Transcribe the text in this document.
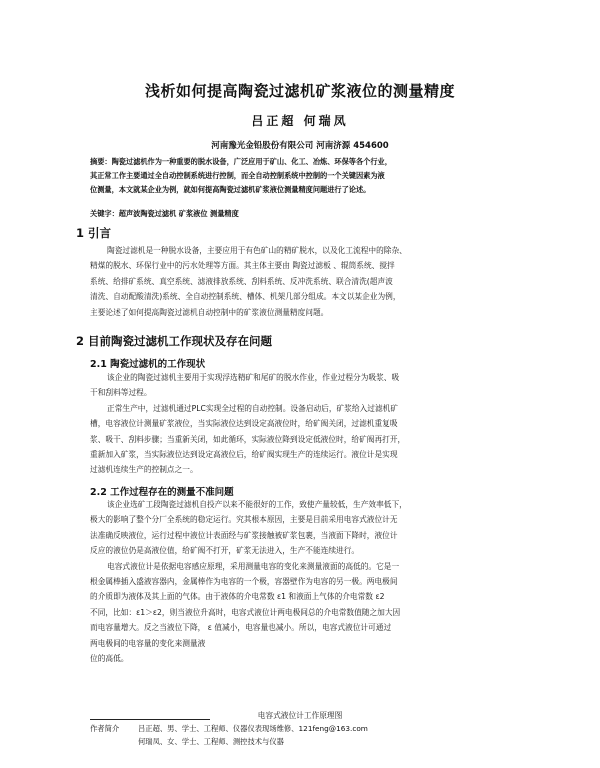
浅析如何提高陶瓷过滤机矿浆液位的测量精度
吕正超 何瑞凤
河南豫光金铅股份有限公司 河南济源 454600
摘要：陶瓷过滤机作为一种重要的脱水设备，广泛应用于矿山、化工、冶炼、环保等各个行业，
其正常工作主要通过全自动控制系统进行控制，而全自动控制系统中控制的一个关键因素为液
位测量，本文就某企业为例，就如何提高陶瓷过滤机矿浆液位测量精度问题进行了论述。
关键字：超声波陶瓷过滤机 矿浆液位 测量精度
1 引言
陶瓷过滤机是一种脱水设备，主要应用于有色矿山的精矿脱水，以及化工流程中的除杂、
精煤的脱水、环保行业中的污水处理等方面。其主体主要由 陶瓷过滤板 、辊筒系统、搅拌
系统、给排矿系统、真空系统、滤液排放系统、刮料系统、反冲洗系统、联合清洗(超声波
清洗、自动配酸清洗)系统、全自动控制系统、槽体、机架几部分组成。本文以某企业为例，
主要论述了如何提高陶瓷过滤机自动控制中的矿浆液位测量精度问题。
2 目前陶瓷过滤机工作现状及存在问题
2.1 陶瓷过滤机的工作现状
该企业的陶瓷过滤机主要用于实现浮选精矿和尾矿的脱水作业，作业过程分为吸浆、吸
干和刮料等过程。
正常生产中，过滤机通过PLC实现全过程的自动控制。设备启动后，矿浆给入过滤机矿
槽，电容液位计测量矿浆液位，当实际液位达到设定高液位时，给矿阀关闭，过滤机重复吸
浆、吸干、刮料步骤；当重新关闭，如此循环，实际液位降到设定低液位时，给矿阀再打开，
重新加入矿浆，当实际液位达到设定高液位后，给矿阀实现生产的连续运行。液位计是实现
过滤机连续生产的控制点之一。
2.2 工作过程存在的测量不准问题
该企业选矿工段陶瓷过滤机自投产以来不能很好的工作，致使产量较低，生产效率低下，
极大的影响了整个分厂全系统的稳定运行。究其根本原因，主要是目前采用电容式液位计无
法准确反映液位，运行过程中液位计表面经与矿浆接触被矿浆包裹，当液面下降时，液位计
反应的液位仍是高液位值，给矿阀不打开，矿浆无法进入，生产不能连续进行。
电容式液位计是依据电容感应原理，采用测量电容的变化来测量液面的高低的。它是一
根金属棒插入盛液容器内，金属棒作为电容的一个极，容器壁作为电容的另一极。两电极间
的介质即为液体及其上面的气体。由于液体的介电常数 ε1 和液面上气体的介电常数 ε2
不同，比如：ε1＞ε2，则当液位升高时，电容式液位计两电极间总的介电常数值随之加大因
而电容量增大。反之当液位下降， ε 值减小，电容量也减小。所以，电容式液位计可通过
两电极间的电容量的变化来测量液
位的高低。
电容式液位计工作原理图
作者简介	吕正超、男、学士、工程师、仪器仪表现场维修、121feng@163.com
何瑞凤、女、学士、工程师、测控技术与仪器
